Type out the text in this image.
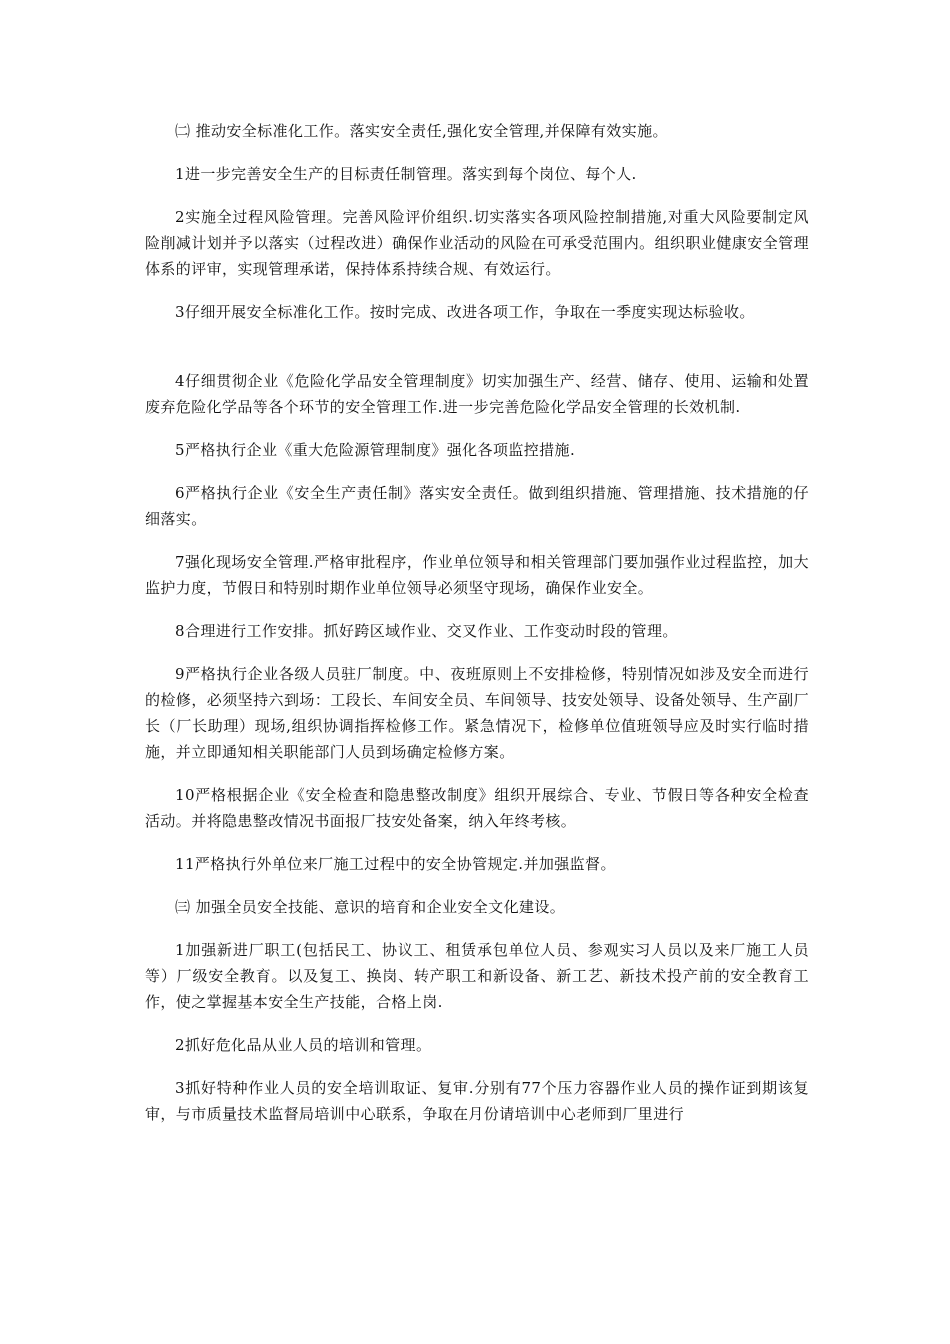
㈡ 推动安全标准化工作。落实安全责任,强化安全管理,并保障有效实施。

1进一步完善安全生产的目标责任制管理。落实到每个岗位、每个人.

2实施全过程风险管理。完善风险评价组织.切实落实各项风险控制措施,对重大风险要制定风险削减计划并予以落实（过程改进）确保作业活动的风险在可承受范围内。组织职业健康安全管理体系的评审，实现管理承诺，保持体系持续合规、有效运行。

3仔细开展安全标准化工作。按时完成、改进各项工作，争取在一季度实现达标验收。

4仔细贯彻企业《危险化学品安全管理制度》切实加强生产、经营、储存、使用、运输和处置废弃危险化学品等各个环节的安全管理工作.进一步完善危险化学品安全管理的长效机制.

5严格执行企业《重大危险源管理制度》强化各项监控措施.

6严格执行企业《安全生产责任制》落实安全责任。做到组织措施、管理措施、技术措施的仔细落实。

7强化现场安全管理.严格审批程序，作业单位领导和相关管理部门要加强作业过程监控，加大监护力度，节假日和特别时期作业单位领导必须坚守现场，确保作业安全。

8合理进行工作安排。抓好跨区域作业、交叉作业、工作变动时段的管理。

9严格执行企业各级人员驻厂制度。中、夜班原则上不安排检修，特别情况如涉及安全而进行的检修，必须坚持六到场：工段长、车间安全员、车间领导、技安处领导、设备处领导、生产副厂长（厂长助理）现场,组织协调指挥检修工作。紧急情况下，检修单位值班领导应及时实行临时措施，并立即通知相关职能部门人员到场确定检修方案。

10严格根据企业《安全检查和隐患整改制度》组织开展综合、专业、节假日等各种安全检查活动。并将隐患整改情况书面报厂技安处备案，纳入年终考核。

11严格执行外单位来厂施工过程中的安全协管规定.并加强监督。

㈢ 加强全员安全技能、意识的培育和企业安全文化建设。

1加强新进厂职工(包括民工、协议工、租赁承包单位人员、参观实习人员以及来厂施工人员等）厂级安全教育。以及复工、换岗、转产职工和新设备、新工艺、新技术投产前的安全教育工作，使之掌握基本安全生产技能，合格上岗.

2抓好危化品从业人员的培训和管理。

3抓好特种作业人员的安全培训取证、复审.分别有77个压力容器作业人员的操作证到期该复审，与市质量技术监督局培训中心联系，争取在月份请培训中心老师到厂里进行
